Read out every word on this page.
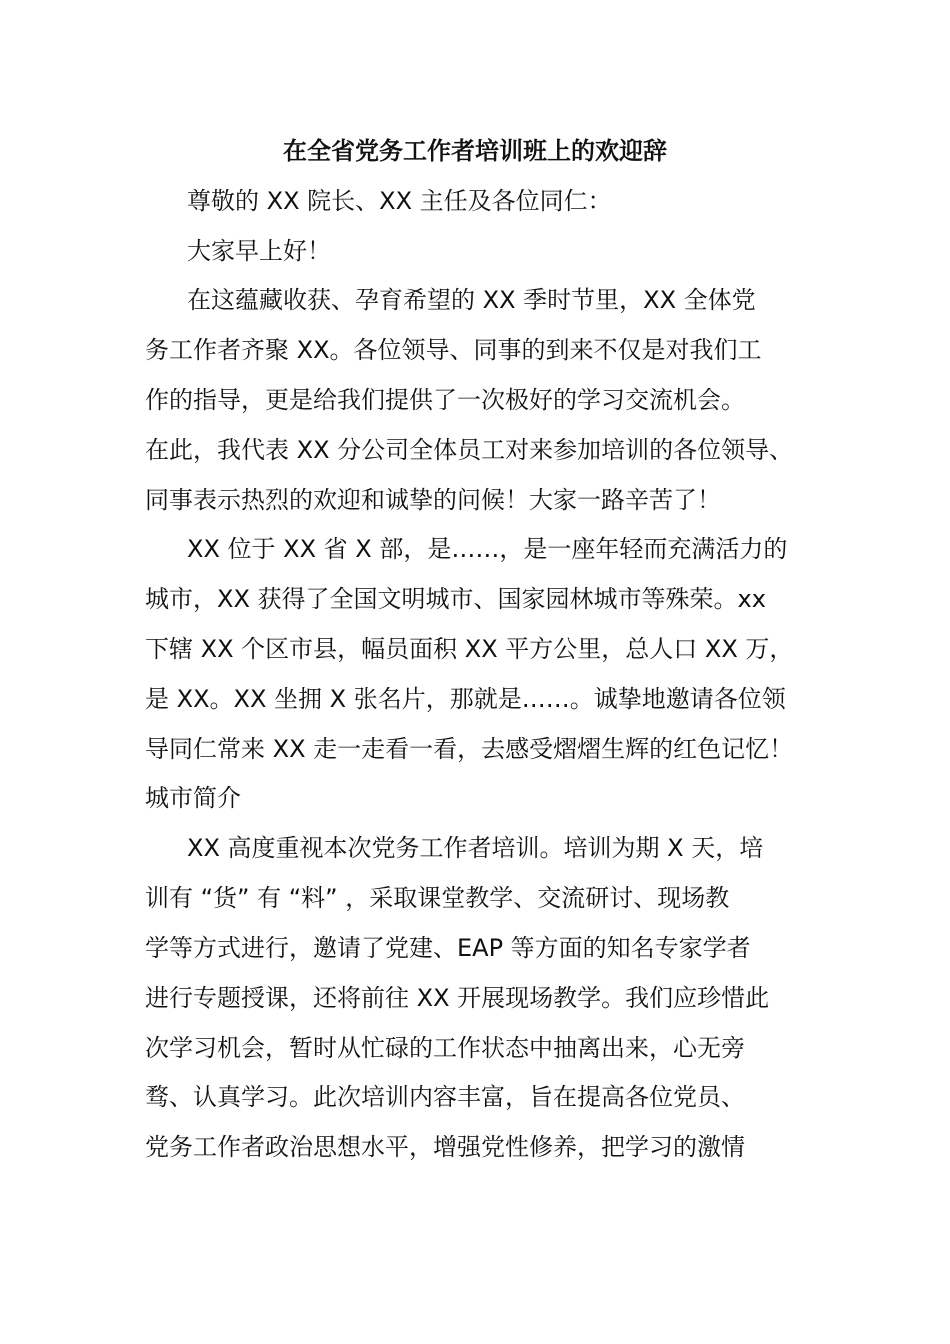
在全省党务工作者培训班上的欢迎辞
尊敬的 XX 院长、XX 主任及各位同仁：
大家早上好！
在这蕴藏收获、孕育希望的 XX 季时节里，XX 全体党
务工作者齐聚 XX。各位领导、同事的到来不仅是对我们工
作的指导，更是给我们提供了一次极好的学习交流机会。
在此，我代表 XX 分公司全体员工对来参加培训的各位领导、
同事表示热烈的欢迎和诚挚的问候！大家一路辛苦了！
XX 位于 XX 省 X 部，是……，是一座年轻而充满活力的
城市，XX 获得了全国文明城市、国家园林城市等殊荣。xx
下辖 XX 个区市县，幅员面积 XX 平方公里，总人口 XX 万，
是 XX。XX 坐拥 X 张名片，那就是……。诚挚地邀请各位领
导同仁常来 XX 走一走看一看，去感受熠熠生辉的红色记忆！
城市简介
XX 高度重视本次党务工作者培训。培训为期 X 天，培
训有 “货” 有 “料” ，采取课堂教学、交流研讨、现场教
学等方式进行，邀请了党建、EAP 等方面的知名专家学者
进行专题授课，还将前往 XX 开展现场教学。我们应珍惜此
次学习机会，暂时从忙碌的工作状态中抽离出来，心无旁
骛、认真学习。此次培训内容丰富，旨在提高各位党员、
党务工作者政治思想水平，增强党性修养，把学习的激情
